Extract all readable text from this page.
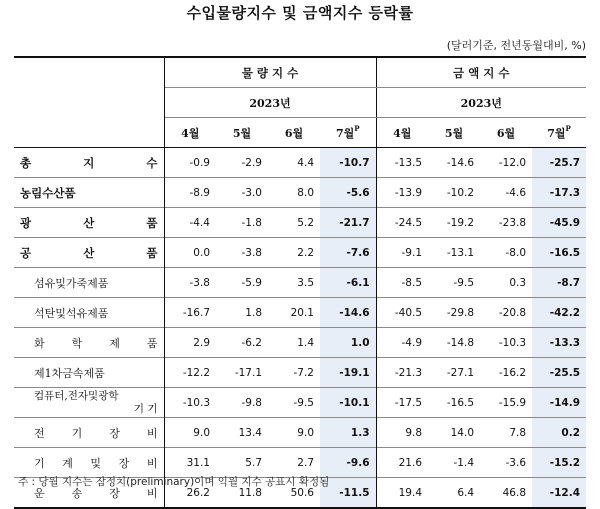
수입물량지수 및 금액지수 등락률
(달러기준, 전년동월대비, %)
	물 량 지 수				금 액 지 수			
	2023년				2023년			
	4월	5월	6월	7월$^P$	4월	5월	6월	7월$^P$
총 지 수	-0.9	-2.9	4.4	-10.7	-13.5	-14.6	-12.0	-25.7
농림수산품	-8.9	-3.0	8.0	-5.6	-13.9	-10.2	-4.6	-17.3
광 산 품	-4.4	-1.8	5.2	-21.7	-24.5	-19.2	-23.8	-45.9
공 산 품	0.0	-3.8	2.2	-7.6	-9.1	-13.1	-8.0	-16.5
섬유및가죽제품	-3.8	-5.9	3.5	-6.1	-8.5	-9.5	0.3	-8.7
석탄및석유제품	-16.7	1.8	20.1	-14.6	-40.5	-29.8	-20.8	-42.2
화 학 제 품	2.9	-6.2	1.4	1.0	-4.9	-14.8	-10.3	-13.3
제1차금속제품	-12.2	-17.1	-7.2	-19.1	-21.3	-27.1	-16.2	-25.5

컴퓨터,전자및광학
기 기	-10.3	-9.8	-9.5	-10.1	-17.5	-16.5	-15.9	-14.9
전 기 장 비	9.0	13.4	9.0	1.3	9.8	14.0	7.8	0.2
기 계 및 장 비	31.1	5.7	2.7	-9.6	21.6	-1.4	-3.6	-15.2
운 송 장 비	26.2	11.8	50.6	-11.5	19.4	6.4	46.8	-12.4
주 : 당월 지수는 잠정치(preliminary)이며 익월 지수 공표시 확정됨
